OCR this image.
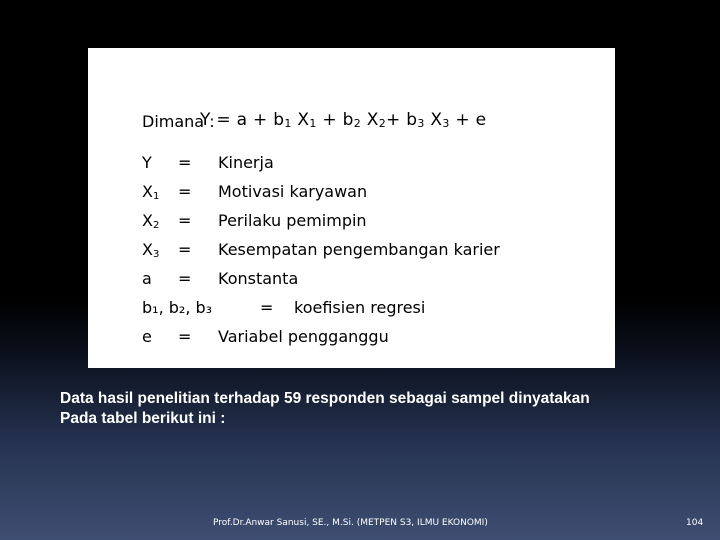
$Y = a + b_1$ $X_1 + b_2$ $X_2+ b_3$ $X_3 + e$
Dimana :
Y = Kinerja
$X_1$ = Motivasi karyawan
$X_2$ = Perilaku pemimpin
$X_3$ = Kesempatan pengembangan karier
a = Konstanta
b₁, b₂, b₃	= koefisien regresi
e = Variabel pengganggu
Data hasil penelitian terhadap 59 responden sebagai sampel dinyatakan
Pada tabel berikut ini :
Prof.Dr.Anwar Sanusi, SE., M.Si. (METPEN S3, ILMU EKONOMI)	104
